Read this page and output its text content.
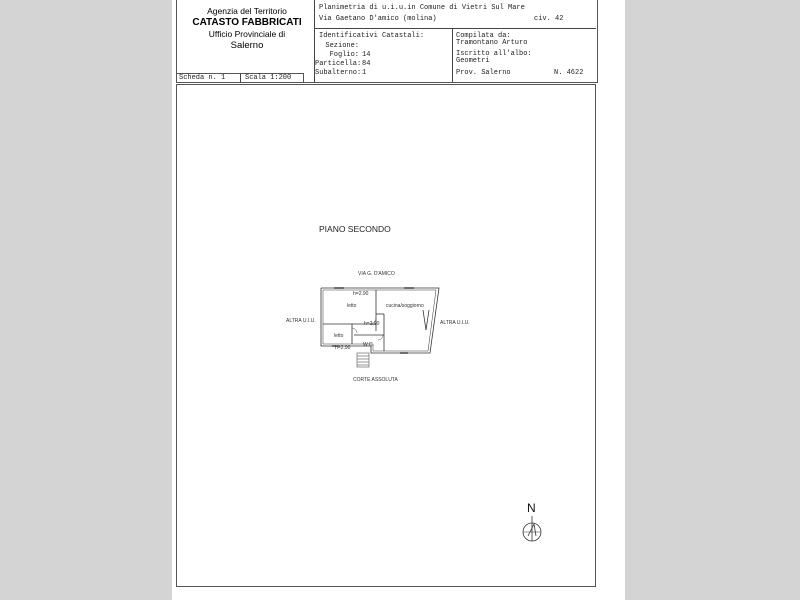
Agenzia del Territorio
CATASTO FABBRICATI
Ufficio Provinciale di
Salerno
Planimetria di u.i.u.in Comune di Vietri Sul Mare
Via Gaetano D'amico (molina)	civ. 42
Identificativi Catastali:
Sezione:
Foglio: 14
Particella: 84
Subalterno: 1
Compilata da:
Tramontano Arturo
Iscritto all'albo:
Geometri
Prov. Salerno	N. 4622
Scheda n. 1	Scala 1:200
PIANO SECONDO
VIA G. D'AMICO
ALTRA U.I.U.	ALTRA U.I.U.
CORTE ASSOLUTA
h=2.90
letto	cucina/soggiorno
h=2.90
letto
W.C.
h=2.90
N
